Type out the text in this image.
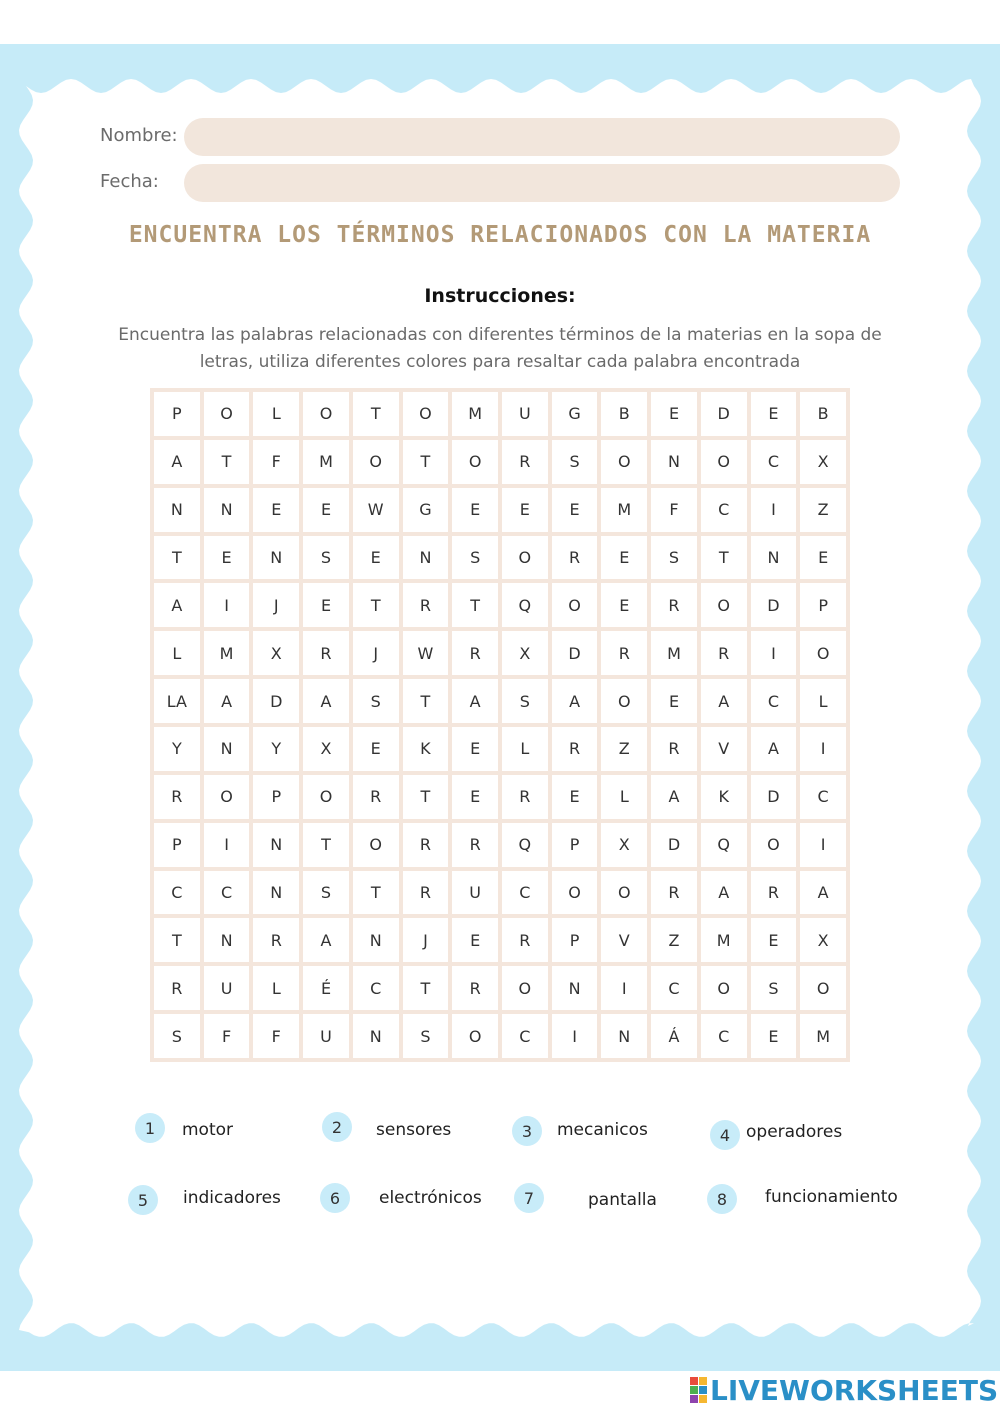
Nombre:
Fecha:
ENCUENTRA LOS TÉRMINOS RELACIONADOS CON LA MATERIA
Instrucciones:
Encuentra las palabras relacionadas con diferentes términos de la materias en la sopa de letras, utiliza diferentes colores para resaltar cada palabra encontrada
P	O	L	O	T	O	M	U	G	B	E	D	E	B
A	T	F	M	O	T	O	R	S	O	N	O	C	X
N	N	E	E	W	G	E	E	E	M	F	C	I	Z
T	E	N	S	E	N	S	O	R	E	S	T	N	E
A	I	J	E	T	R	T	Q	O	E	R	O	D	P
L	M	X	R	J	W	R	X	D	R	M	R	I	O
LA	A	D	A	S	T	A	S	A	O	E	A	C	L
Y	N	Y	X	E	K	E	L	R	Z	R	V	A	I
R	O	P	O	R	T	E	R	E	L	A	K	D	C
P	I	N	T	O	R	R	Q	P	X	D	Q	O	I
C	C	N	S	T	R	U	C	O	O	R	A	R	A
T	N	R	A	N	J	E	R	P	V	Z	M	E	X
R	U	L	É	C	T	R	O	N	I	C	O	S	O
S	F	F	U	N	S	O	C	I	N	Á	C	E	M
1	motor	2	sensores	3	mecanicos	4 operadores
5	indicadores	6	electrónicos	7	pantalla	8	funcionamiento
LIVEWORKSHEETS
